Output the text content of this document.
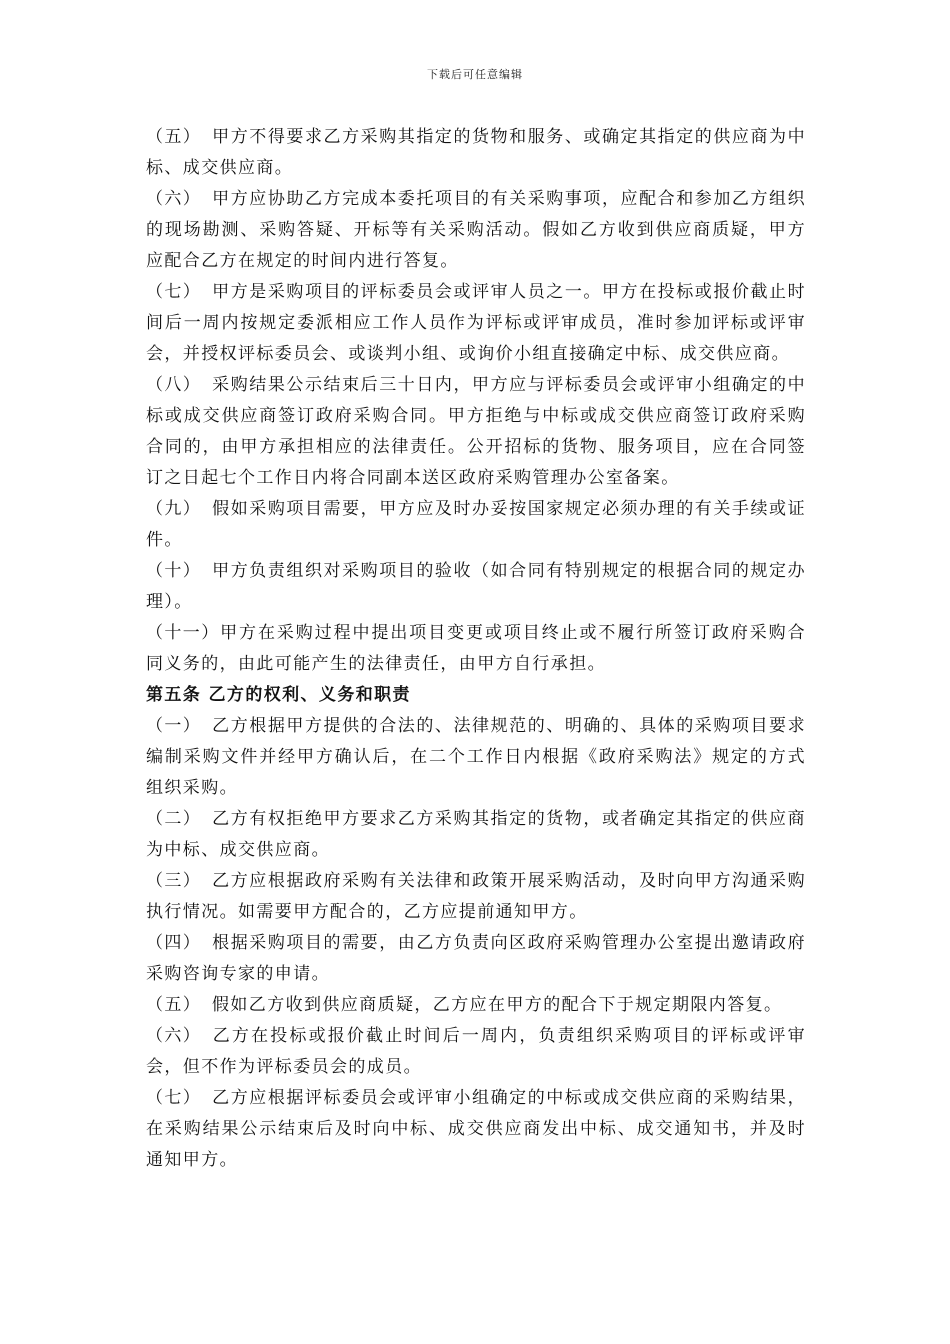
下载后可任意编辑

（五） 甲方不得要求乙方采购其指定的货物和服务、或确定其指定的供应商为中标、成交供应商。

（六） 甲方应协助乙方完成本委托项目的有关采购事项，应配合和参加乙方组织的现场勘测、采购答疑、开标等有关采购活动。假如乙方收到供应商质疑，甲方应配合乙方在规定的时间内进行答复。

（七） 甲方是采购项目的评标委员会或评审人员之一。甲方在投标或报价截止时间后一周内按规定委派相应工作人员作为评标或评审成员，准时参加评标或评审会，并授权评标委员会、或谈判小组、或询价小组直接确定中标、成交供应商。

（八） 采购结果公示结束后三十日内，甲方应与评标委员会或评审小组确定的中标或成交供应商签订政府采购合同。甲方拒绝与中标或成交供应商签订政府采购合同的，由甲方承担相应的法律责任。公开招标的货物、服务项目，应在合同签订之日起七个工作日内将合同副本送区政府采购管理办公室备案。

（九） 假如采购项目需要，甲方应及时办妥按国家规定必须办理的有关手续或证件。

（十） 甲方负责组织对采购项目的验收（如合同有特别规定的根据合同的规定办理）。

（十一）甲方在采购过程中提出项目变更或项目终止或不履行所签订政府采购合同义务的，由此可能产生的法律责任，由甲方自行承担。

第五条 乙方的权利、义务和职责

（一） 乙方根据甲方提供的合法的、法律规范的、明确的、具体的采购项目要求编制采购文件并经甲方确认后，在二个工作日内根据《政府采购法》规定的方式组织采购。

（二） 乙方有权拒绝甲方要求乙方采购其指定的货物，或者确定其指定的供应商为中标、成交供应商。

（三） 乙方应根据政府采购有关法律和政策开展采购活动，及时向甲方沟通采购执行情况。如需要甲方配合的，乙方应提前通知甲方。

（四） 根据采购项目的需要，由乙方负责向区政府采购管理办公室提出邀请政府采购咨询专家的申请。

（五） 假如乙方收到供应商质疑，乙方应在甲方的配合下于规定期限内答复。

（六） 乙方在投标或报价截止时间后一周内，负责组织采购项目的评标或评审会，但不作为评标委员会的成员。

（七） 乙方应根据评标委员会或评审小组确定的中标或成交供应商的采购结果，在采购结果公示结束后及时向中标、成交供应商发出中标、成交通知书，并及时通知甲方。
